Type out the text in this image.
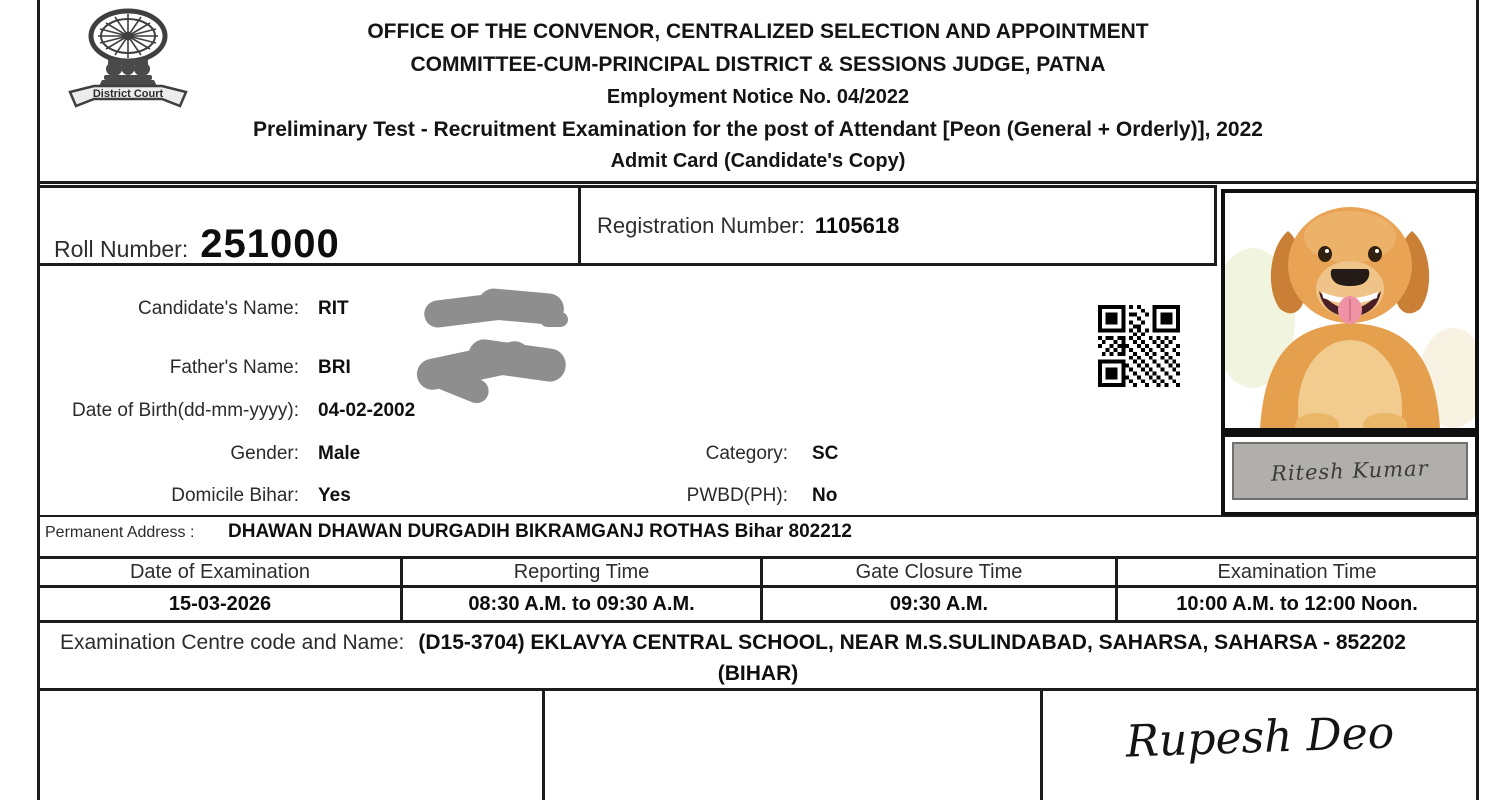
District Court
OFFICE OF THE CONVENOR, CENTRALIZED SELECTION AND APPOINTMENT
COMMITTEE-CUM-PRINCIPAL DISTRICT & SESSIONS JUDGE, PATNA
Employment Notice No. 04/2022
Preliminary Test - Recruitment Examination for the post of Attendant [Peon (General + Orderly)], 2022
Admit Card (Candidate's Copy)
Roll Number: 251000	Registration Number: 1105618
Candidate's Name: RIT
Father's Name: BRI
Date of Birth(dd-mm-yyyy): 04-02-2002
Gender: Male
Domicile Bihar: Yes
Category: SC
PWBD(PH): No
Ritesh Kumar
Permanent Address : DHAWAN DHAWAN DURGADIH BIKRAMGANJ ROTHAS Bihar 802212
Date of Examination	Reporting Time	Gate Closure Time	Examination Time
15-03-2026	08:30 A.M. to 09:30 A.M.	09:30 A.M.	10:00 A.M. to 12:00 Noon.
Examination Centre code and Name: (D15-3704) EKLAVYA CENTRAL SCHOOL, NEAR M.S.SULINDABAD, SAHARSA, SAHARSA - 852202
(BIHAR)
Rupesh Deo
